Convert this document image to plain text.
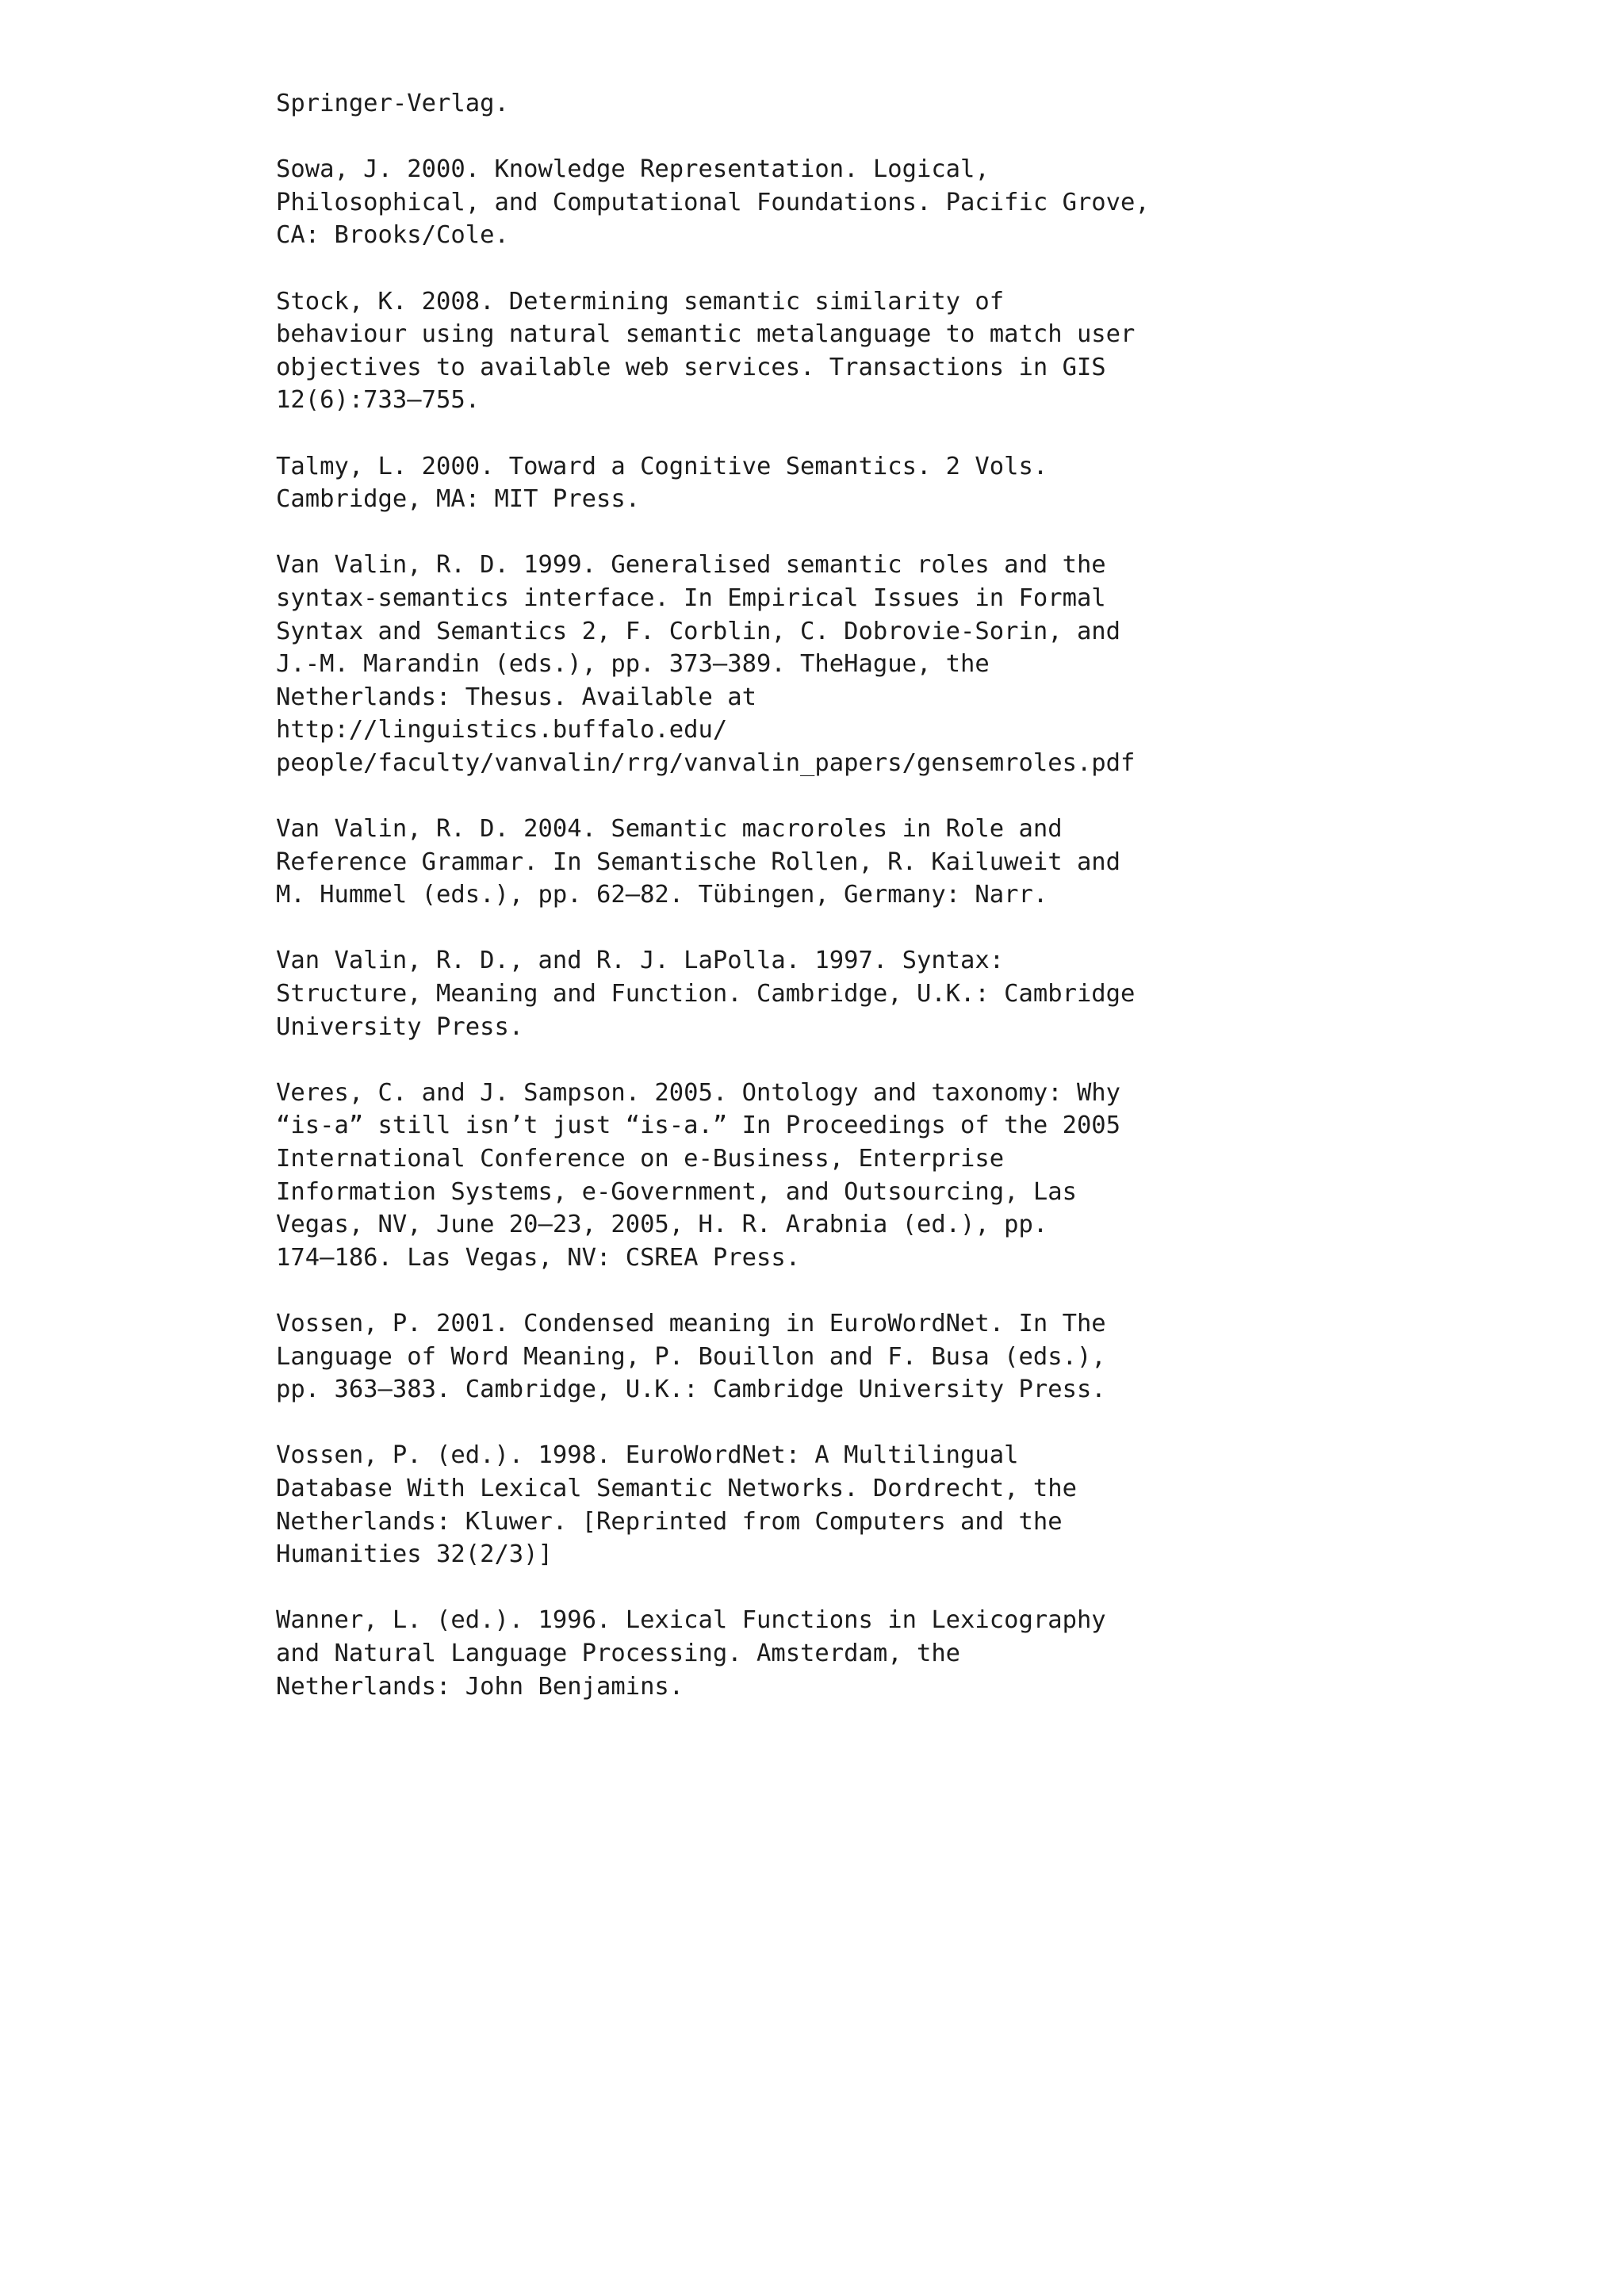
Springer-Verlag.
Sowa, J. 2000. Knowledge Representation. Logical,
Philosophical, and Computational Foundations. Pacific Grove,
CA: Brooks/Cole.
Stock, K. 2008. Determining semantic similarity of
behaviour using natural semantic metalanguage to match user
objectives to available web services. Transactions in GIS
12(6):733–755.
Talmy, L. 2000. Toward a Cognitive Semantics. 2 Vols.
Cambridge, MA: MIT Press.
Van Valin, R. D. 1999. Generalised semantic roles and the
syntax-semantics interface. In Empirical Issues in Formal
Syntax and Semantics 2, F. Corblin, C. Dobrovie-Sorin, and
J.-M. Marandin (eds.), pp. 373–389. TheHague, the
Netherlands: Thesus. Available at
http://linguistics.buffalo.edu/
people/faculty/vanvalin/rrg/vanvalin_papers/gensemroles.pdf
Van Valin, R. D. 2004. Semantic macroroles in Role and
Reference Grammar. In Semantische Rollen, R. Kailuweit and
M. Hummel (eds.), pp. 62–82. Tübingen, Germany: Narr.
Van Valin, R. D., and R. J. LaPolla. 1997. Syntax:
Structure, Meaning and Function. Cambridge, U.K.: Cambridge
University Press.
Veres, C. and J. Sampson. 2005. Ontology and taxonomy: Why
“is-a” still isn’t just “is-a.” In Proceedings of the 2005
International Conference on e-Business, Enterprise
Information Systems, e-Government, and Outsourcing, Las
Vegas, NV, June 20–23, 2005, H. R. Arabnia (ed.), pp.
174–186. Las Vegas, NV: CSREA Press.
Vossen, P. 2001. Condensed meaning in EuroWordNet. In The
Language of Word Meaning, P. Bouillon and F. Busa (eds.),
pp. 363–383. Cambridge, U.K.: Cambridge University Press.
Vossen, P. (ed.). 1998. EuroWordNet: A Multilingual
Database With Lexical Semantic Networks. Dordrecht, the
Netherlands: Kluwer. [Reprinted from Computers and the
Humanities 32(2/3)]
Wanner, L. (ed.). 1996. Lexical Functions in Lexicography
and Natural Language Processing. Amsterdam, the
Netherlands: John Benjamins.
